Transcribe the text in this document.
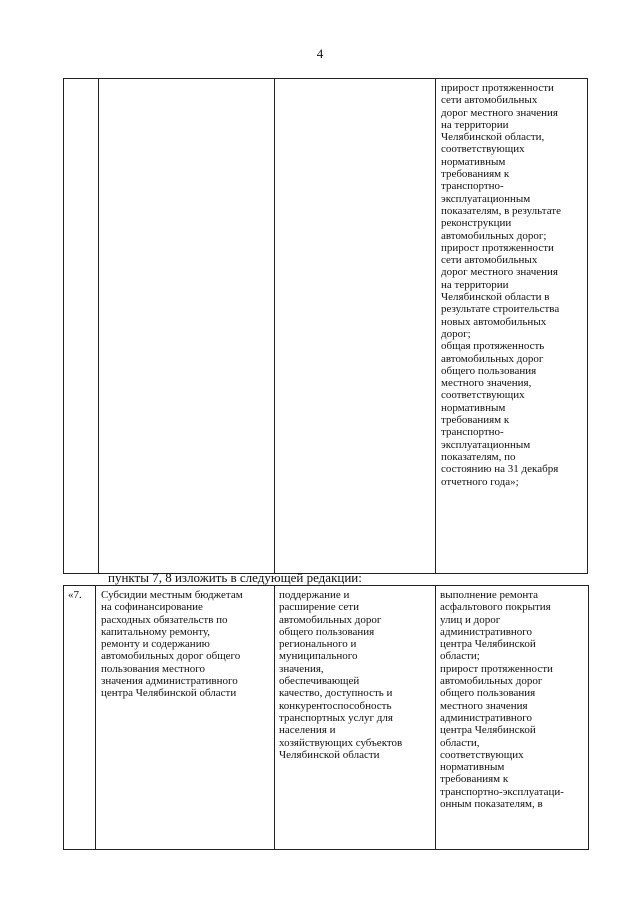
4
прирост протяженности
сети автомобильных
дорог местного значения
на территории
Челябинской области,
соответствующих
нормативным
требованиям к
транспортно-
эксплуатационным
показателям, в результате
реконструкции
автомобильных дорог;
прирост протяженности
сети автомобильных
дорог местного значения
на территории
Челябинской области в
результате строительства
новых автомобильных
дорог;
общая протяженность
автомобильных дорог
общего пользования
местного значения,
соответствующих
нормативным
требованиям к
транспортно-
эксплуатационным
показателям, по
состоянию на 31 декабря
отчетного года»;
пункты 7, 8 изложить в следующей редакции:
«7.	Субсидии местным бюджетам
на софинансирование
расходных обязательств по
капитальному ремонту,
ремонту и содержанию
автомобильных дорог общего
пользования местного
значения административного
центра Челябинской области
поддержание и
расширение сети
автомобильных дорог
общего пользования
регионального и
муниципального
значения,
обеспечивающей
качество, доступность и
конкурентоспособность
транспортных услуг для
населения и
хозяйствующих субъектов
Челябинской области
выполнение ремонта
асфальтового покрытия
улиц и дорог
административного
центра Челябинской
области;
прирост протяженности
автомобильных дорог
общего пользования
местного значения
административного
центра Челябинской
области,
соответствующих
нормативным
требованиям к
транспортно-эксплуатаци-
онным показателям, в
